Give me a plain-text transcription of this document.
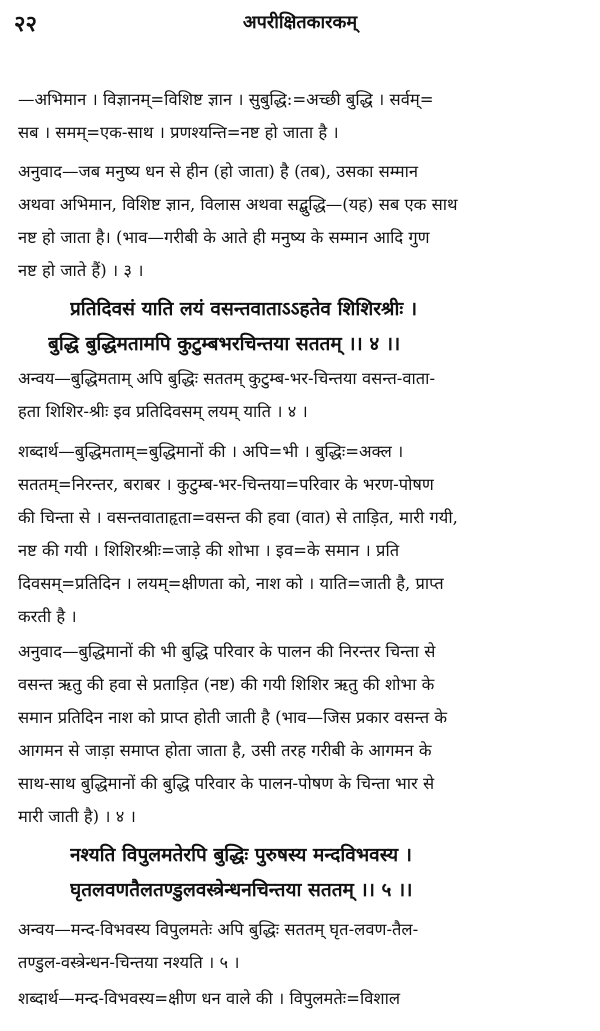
२२	अपरीक्षितकारकम्
—अभिमान । विज्ञानम्=विशिष्ट ज्ञान । सुबुद्धि:=अच्छी बुद्धि । सर्वम्=
सब । समम्=एक-साथ । प्रणश्यन्ति=नष्ट हो जाता है ।
अनुवाद—जब मनुष्य धन से हीन (हो जाता) है (तब), उसका सम्मान
अथवा अभिमान, विशिष्ट ज्ञान, विलास अथवा सद्बुद्धि—(यह) सब एक साथ
नष्ट हो जाता है। (भाव—गरीबी के आते ही मनुष्य के सम्मान आदि गुण
नष्ट हो जाते हैं) । ३ ।
प्रतिदिवसं याति लयं वसन्तवाताऽऽहतेव शिशिरश्रीः ।
बुद्धि बुद्धिमतामपि कुटुम्बभरचिन्तया सततम् ।। ४ ।।
अन्वय—बुद्धिमताम् अपि बुद्धिः सततम् कुटुम्ब-भर-चिन्तया वसन्त-वाता-
हता शिशिर-श्रीः इव प्रतिदिवसम् लयम् याति । ४ ।
शब्दार्थ—बुद्धिमताम्=बुद्धिमानों की । अपि=भी । बुद्धिः=अक्ल ।
सततम्=निरन्तर, बराबर । कुटुम्ब-भर-चिन्तया=परिवार के भरण-पोषण
की चिन्ता से । वसन्तवाताहृता=वसन्त की हवा (वात) से ताड़ित, मारी गयी,
नष्ट की गयी । शिशिरश्रीः=जाड़े की शोभा । इव=के समान । प्रति
दिवसम्=प्रतिदिन । लयम्=क्षीणता को, नाश को । याति=जाती है, प्राप्त
करती है ।
अनुवाद—बुद्धिमानों की भी बुद्धि परिवार के पालन की निरन्तर चिन्ता से
वसन्त ऋतु की हवा से प्रताड़ित (नष्ट) की गयी शिशिर ऋतु की शोभा के
समान प्रतिदिन नाश को प्राप्त होती जाती है (भाव—जिस प्रकार वसन्त के
आगमन से जाड़ा समाप्त होता जाता है, उसी तरह गरीबी के आगमन के
साथ-साथ बुद्धिमानों की बुद्धि परिवार के पालन-पोषण के चिन्ता भार से
मारी जाती है) । ४ ।
नश्यति विपुलमतेरपि बुद्धिः पुरुषस्य मन्दविभवस्य ।
घृतलवणतैलतण्डुलवस्त्रेन्धनचिन्तया सततम् ।। ५ ।।
अन्वय—मन्द-विभवस्य विपुलमतेः अपि बुद्धिः सततम् घृत-लवण-तैल-
तण्डुल-वस्त्रेन्धन-चिन्तया नश्यति । ५ ।
शब्दार्थ—मन्द-विभवस्य=क्षीण धन वाले की । विपुलमतेः=विशाल
